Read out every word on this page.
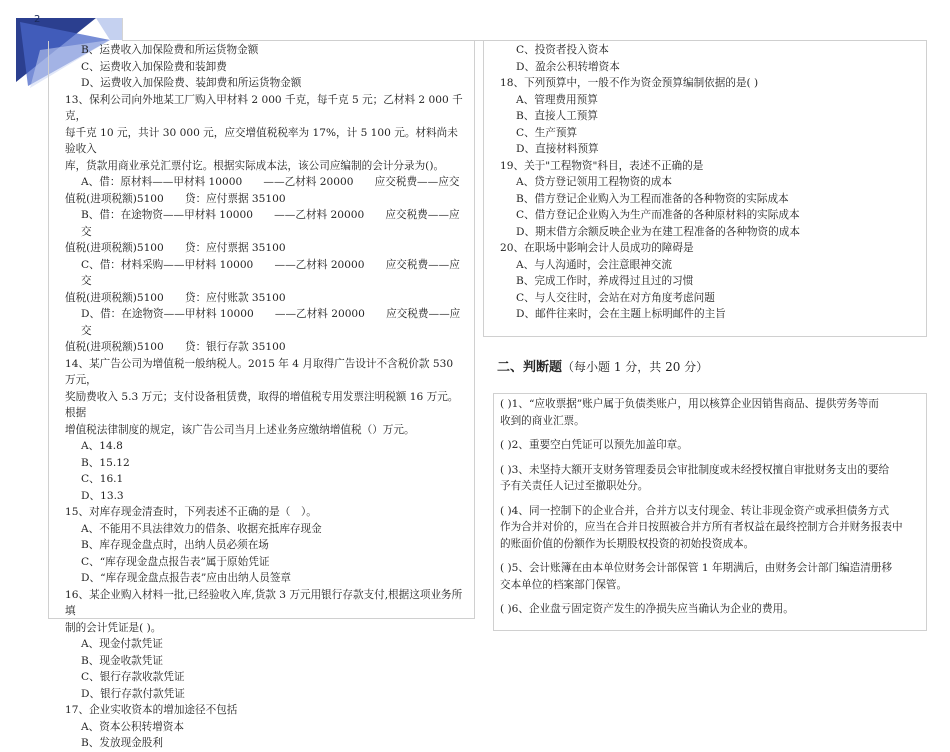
2

B、运费收入加保险费和所运货物金额

C、运费收入加保险费和装卸费

D、运费收入加保险费、装卸费和所运货物金额

13、保利公司向外地某工厂购入甲材料 2 000 千克，每千克 5 元；乙材料 2 000 千克，

每千克 10 元，共计 30 000 元，应交增值税税率为 17%，计 5 100 元。材料尚未验收入

库，货款用商业承兑汇票付讫。根据实际成本法，该公司应编制的会计分录为()。

A、借：原材料——甲材料 10000　　——乙材料 20000　　应交税费——应交

值税(进项税额)5100　　贷：应付票据 35100

B、借：在途物资——甲材料 10000　　——乙材料 20000　　应交税费——应交

值税(进项税额)5100　　贷：应付票据 35100

C、借：材料采购——甲材料 10000　　——乙材料 20000　　应交税费——应交

值税(进项税额)5100　　贷：应付账款 35100

D、借：在途物资——甲材料 10000　　——乙材料 20000　　应交税费——应交

值税(进项税额)5100　　贷：银行存款 35100

14、某广告公司为增值税一般纳税人。2015 年 4 月取得广告设计不含税价款 530 万元，

奖励费收入 5.3 万元；支付设备租赁费，取得的增值税专用发票注明税额 16 万元。根据

增值税法律制度的规定，该广告公司当月上述业务应缴纳增值税（）万元。

A、14.8

B、15.12

C、16.1

D、13.3

15、对库存现金清查时，下列表述不正确的是（　）。

A、不能用不具法律效力的借条、收据充抵库存现金

B、库存现金盘点时，出纳人员必须在场

C、“库存现金盘点报告表”属于原始凭证

D、“库存现金盘点报告表”应由出纳人员签章

16、某企业购入材料一批,已经验收入库,货款 3 万元用银行存款支付,根据这项业务所填

制的会计凭证是( )。

A、现金付款凭证

B、现金收款凭证

C、银行存款收款凭证

D、银行存款付款凭证

17、企业实收资本的增加途径不包括

A、资本公积转增资本

B、发放现金股利

C、投资者投入资本

D、盈余公积转增资本

18、下列预算中，一般不作为资金预算编制依据的是( )

A、管理费用预算

B、直接人工预算

C、生产预算

D、直接材料预算

19、关于"工程物资"科目，表述不正确的是

A、贷方登记领用工程物资的成本

B、借方登记企业购入为工程而准备的各种物资的实际成本

C、借方登记企业购入为生产而准备的各种原材料的实际成本

D、期末借方余额反映企业为在建工程准备的各种物资的成本

20、在职场中影响会计人员成功的障碍是

A、与人沟通时，会注意眼神交流

B、完成工作时，养成得过且过的习惯

C、与人交往时，会站在对方角度考虑问题

D、邮件往来时，会在主题上标明邮件的主旨

二、判断题（每小题 1 分，共 20 分）

( )1、“应收票据”账户属于负债类账户，用以核算企业因销售商品、提供劳务等而

收到的商业汇票。

( )2、重要空白凭证可以预先加盖印章。

( )3、未坚持大额开支财务管理委员会审批制度或未经授权擅自审批财务支出的要给

予有关责任人记过至撤职处分。

( )4、同一控制下的企业合并，合并方以支付现金、转让非现金资产或承担债务方式

作为合并对价的，应当在合并日按照被合并方所有者权益在最终控制方合并财务报表中

的账面价值的份额作为长期股权投资的初始投资成本。

( )5、会计账簿在由本单位财务会计部保管 1 年期满后，由财务会计部门编造清册移

交本单位的档案部门保管。

( )6、企业盘亏固定资产发生的净损失应当确认为企业的费用。
